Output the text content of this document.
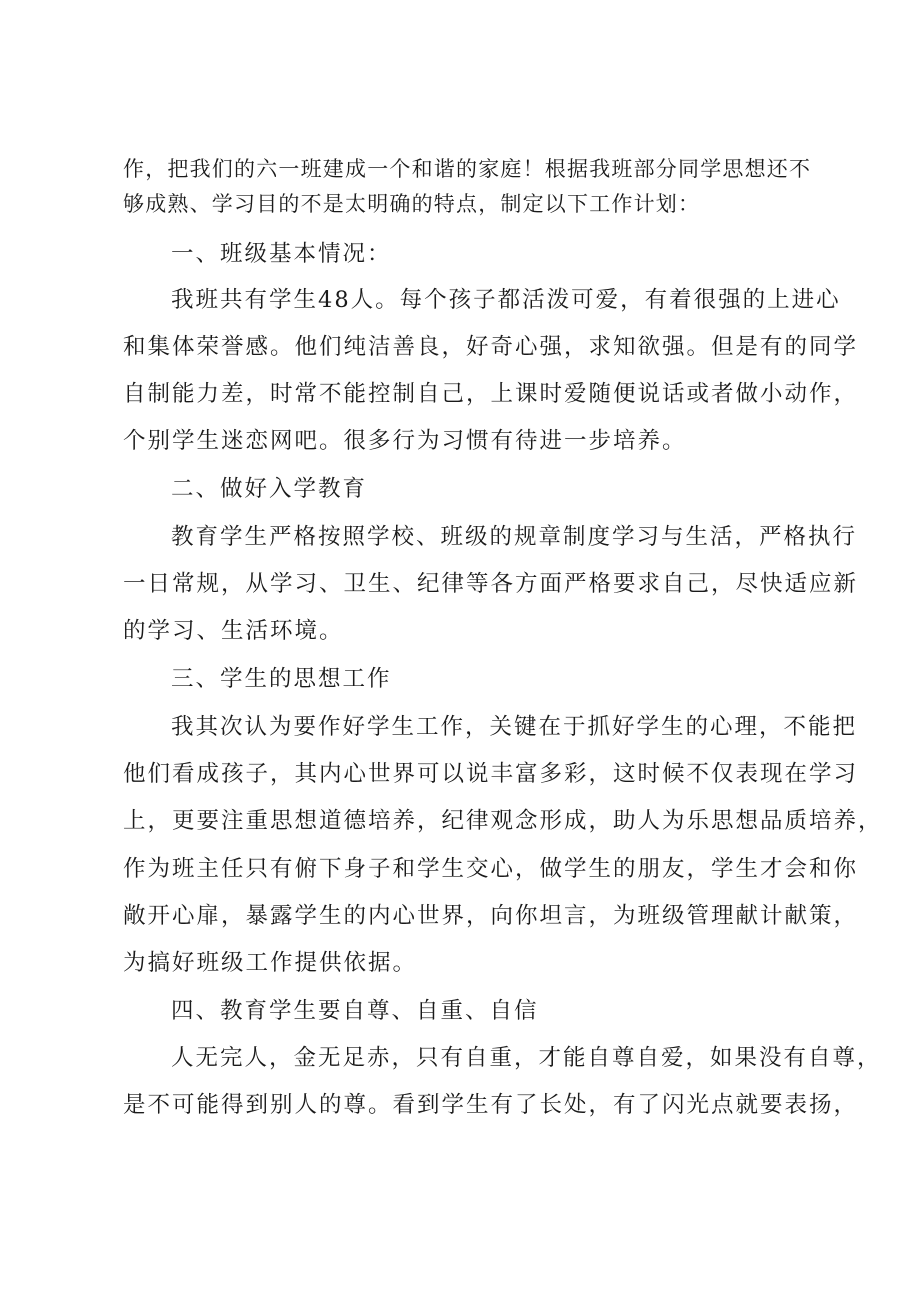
作，把我们的六一班建成一个和谐的家庭！根据我班部分同学思想还不
够成熟、学习目的不是太明确的特点，制定以下工作计划：
一、班级基本情况：
我班共有学生48人。每个孩子都活泼可爱，有着很强的上进心
和集体荣誉感。他们纯洁善良，好奇心强，求知欲强。但是有的同学
自制能力差，时常不能控制自己，上课时爱随便说话或者做小动作，
个别学生迷恋网吧。很多行为习惯有待进一步培养。
二、做好入学教育
教育学生严格按照学校、班级的规章制度学习与生活，严格执行
一日常规，从学习、卫生、纪律等各方面严格要求自己，尽快适应新
的学习、生活环境。
三、学生的思想工作
我其次认为要作好学生工作，关键在于抓好学生的心理，不能把
他们看成孩子，其内心世界可以说丰富多彩，这时候不仅表现在学习
上，更要注重思想道德培养，纪律观念形成，助人为乐思想品质培养，
作为班主任只有俯下身子和学生交心，做学生的朋友，学生才会和你
敞开心扉，暴露学生的内心世界，向你坦言，为班级管理献计献策，
为搞好班级工作提供依据。
四、教育学生要自尊、自重、自信
人无完人，金无足赤，只有自重，才能自尊自爱，如果没有自尊，
是不可能得到别人的尊。看到学生有了长处，有了闪光点就要表扬，
